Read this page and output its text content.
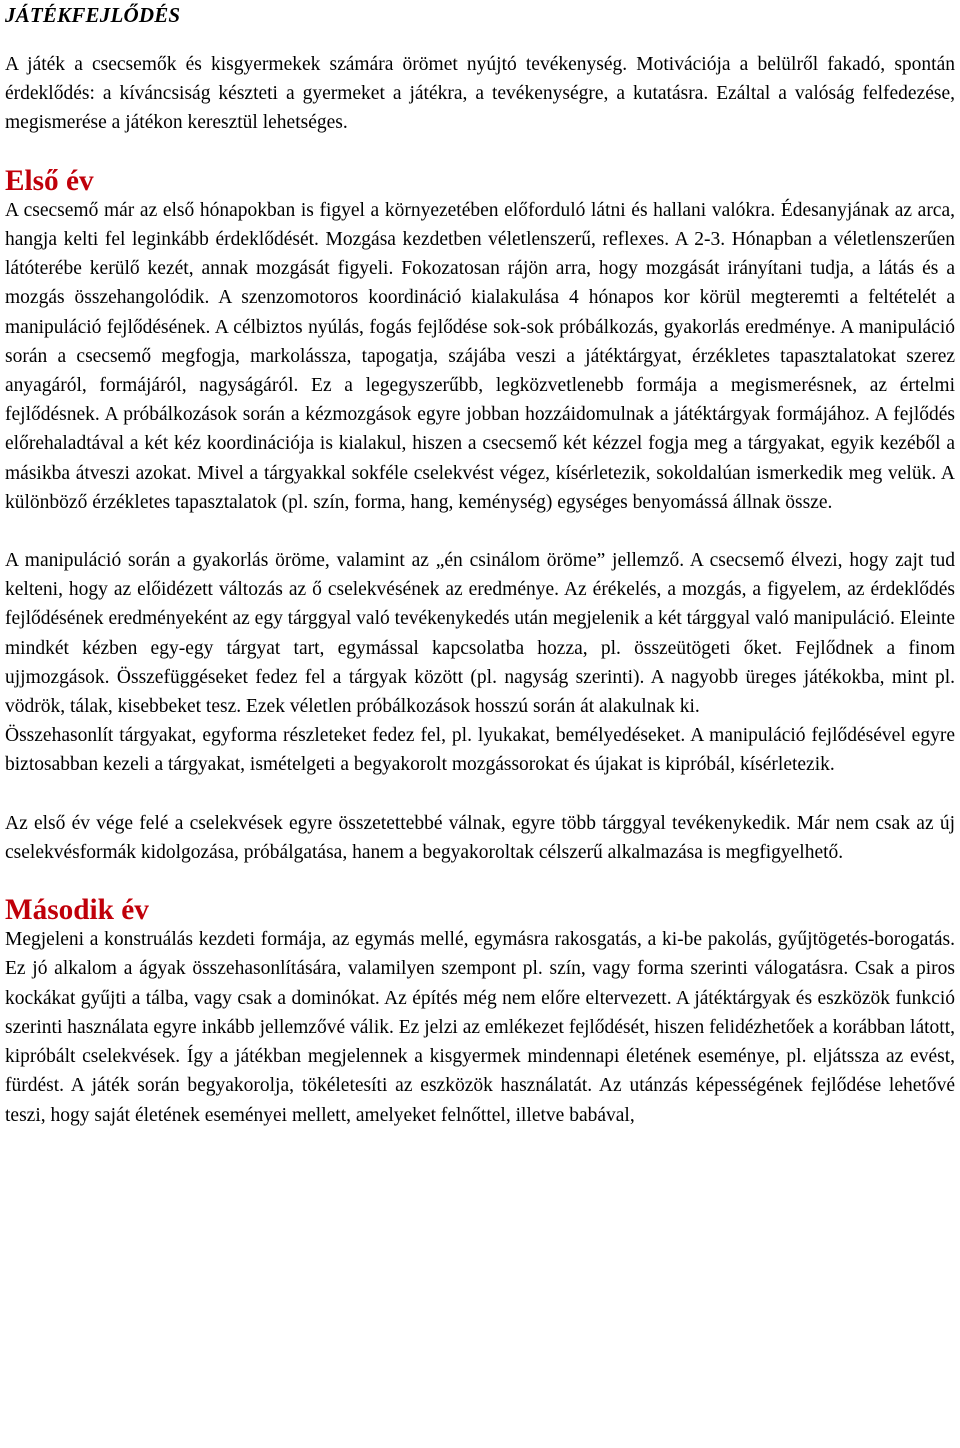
JÁTÉKFEJLŐDÉS

A játék a csecsemők és kisgyermekek számára örömet nyújtó tevékenység. Motivációja a belülről fakadó, spontán érdeklődés: a kíváncsiság készteti a gyermeket a játékra, a tevékenységre, a kutatásra. Ezáltal a valóság felfedezése, megismerése a játékon keresztül lehetséges.

Első év

A csecsemő már az első hónapokban is figyel a környezetében előforduló látni és hallani valókra. Édesanyjának az arca, hangja kelti fel leginkább érdeklődését. Mozgása kezdetben véletlenszerű, reflexes. A 2-3. Hónapban a véletlenszerűen látóterébe kerülő kezét, annak mozgását figyeli. Fokozatosan rájön arra, hogy mozgását irányítani tudja, a látás és a mozgás összehangolódik. A szenzomotoros koordináció kialakulása 4 hónapos kor körül megteremti a feltételét a manipuláció fejlődésének. A célbiztos nyúlás, fogás fejlődése sok-sok próbálkozás, gyakorlás eredménye. A manipuláció során a csecsemő megfogja, markolássza, tapogatja, szájába veszi a játéktárgyat, érzékletes tapasztalatokat szerez anyagáról, formájáról, nagyságáról. Ez a legegyszerűbb, legközvetlenebb formája a megismerésnek, az értelmi fejlődésnek. A próbálkozások során a kézmozgások egyre jobban hozzáidomulnak a játéktárgyak formájához. A fejlődés előrehaladtával a két kéz koordinációja is kialakul, hiszen a csecsemő két kézzel fogja meg a tárgyakat, egyik kezéből a másikba átveszi azokat. Mivel a tárgyakkal sokféle cselekvést végez, kísérletezik, sokoldalúan ismerkedik meg velük. A különböző érzékletes tapasztalatok (pl. szín, forma, hang, keménység) egységes benyomássá állnak össze.

A manipuláció során a gyakorlás öröme, valamint az „én csinálom öröme” jellemző. A csecsemő élvezi, hogy zajt tud kelteni, hogy az előidézett változás az ő cselekvésének az eredménye. Az érékelés, a mozgás, a figyelem, az érdeklődés fejlődésének eredményeként az egy tárggyal való tevékenykedés után megjelenik a két tárggyal való manipuláció. Eleinte mindkét kézben egy-egy tárgyat tart, egymással kapcsolatba hozza, pl. összeütögeti őket. Fejlődnek a finom ujjmozgások. Összefüggéseket fedez fel a tárgyak között (pl. nagyság szerinti). A nagyobb üreges játékokba, mint pl. vödrök, tálak, kisebbeket tesz. Ezek véletlen próbálkozások hosszú során át alakulnak ki.

Összehasonlít tárgyakat, egyforma részleteket fedez fel, pl. lyukakat, bemélyedéseket. A manipuláció fejlődésével egyre biztosabban kezeli a tárgyakat, ismételgeti a begyakorolt mozgássorokat és újakat is kipróbál, kísérletezik.

Az első év vége felé a cselekvések egyre összetettebbé válnak, egyre több tárggyal tevékenykedik. Már nem csak az új cselekvésformák kidolgozása, próbálgatása, hanem a begyakoroltak célszerű alkalmazása is megfigyelhető.

Második év

Megjeleni a konstruálás kezdeti formája, az egymás mellé, egymásra rakosgatás, a ki-be pakolás, gyűjtögetés-borogatás. Ez jó alkalom a ágyak összehasonlítására, valamilyen szempont pl. szín, vagy forma szerinti válogatásra. Csak a piros kockákat gyűjti a tálba, vagy csak a dominókat. Az építés még nem előre eltervezett. A játéktárgyak és eszközök funkció szerinti használata egyre inkább jellemzővé válik. Ez jelzi az emlékezet fejlődését, hiszen felidézhetőek a korábban látott, kipróbált cselekvések. Így a játékban megjelennek a kisgyermek mindennapi életének eseménye, pl. eljátssza az evést, fürdést. A játék során begyakorolja, tökéletesíti az eszközök használatát. Az utánzás képességének fejlődése lehetővé teszi, hogy saját életének eseményei mellett, amelyeket felnőttel, illetve babával,
